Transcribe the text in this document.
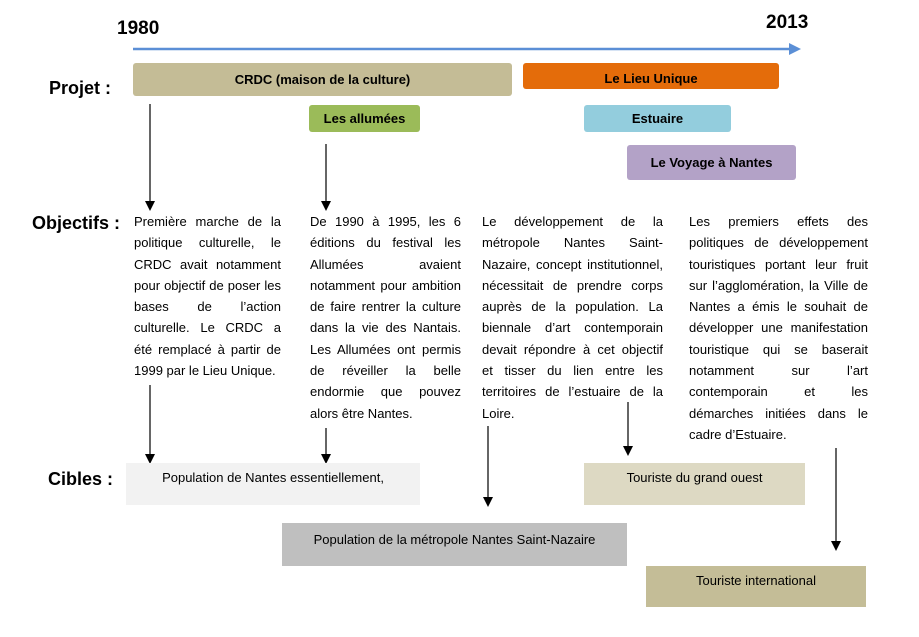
1980	2013
Projet :
Objectifs :
Cibles :
CRDC (maison de la culture)	Le Lieu Unique
Les allumées	Estuaire
Le Voyage à Nantes

Première marche de la politique culturelle, le CRDC avait notamment pour objectif de poser les bases de l’action culturelle. Le CRDC a été remplacé à partir de 1999 par le Lieu Unique.

De 1990 à 1995, les 6 éditions du festival les Allumées avaient notamment pour ambition de faire rentrer la culture dans la vie des Nantais. Les Allumées ont permis de réveiller la belle endormie que pouvez alors être Nantes.

Le développement de la métropole Nantes Saint-Nazaire, concept institutionnel, nécessitait de prendre corps auprès de la population. La biennale d’art contemporain devait répondre à cet objectif et tisser du lien entre les territoires de l’estuaire de la Loire.

Les premiers effets des politiques de développement touristiques portant leur fruit sur l’agglomération, la Ville de Nantes a émis le souhait de développer une manifestation touristique qui se baserait notamment sur l’art contemporain et les démarches initiées dans le cadre d’Estuaire.

Population de Nantes essentiellement,	Touriste du grand ouest
Population de la métropole Nantes Saint-Nazaire
Touriste international
